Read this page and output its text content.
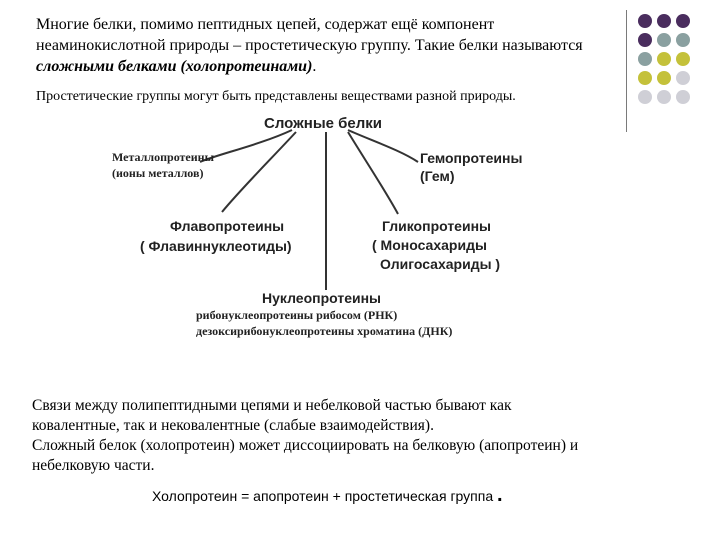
Многие белки, помимо пептидных цепей, содержат ещё компонент неаминокислотной природы – простетическую группу. Такие белки называются сложными белками (холопротеинами).
Простетические группы могут быть представлены веществами разной природы.
Сложные белки
Металлопротеины
(ионы металлов)
Флавопротеины
( Флавиннуклеотиды)
Гемопротеины
(Гем)
Гликопротеины
( Моносахариды
Олигосахариды )
Нуклеопротеины
рибонуклеопротеины рибосом (РНК)
дезоксирибонуклеопротеины хроматина (ДНК)
Связи между полипептидными цепями и небелковой частью бывают как
ковалентные, так и нековалентные (слабые взаимодействия).
Сложный белок (холопротеин) может диссоциировать на белковую (апопротеин) и
небелковую части.
Холопротеин = апопротеин + простетическая группа .
